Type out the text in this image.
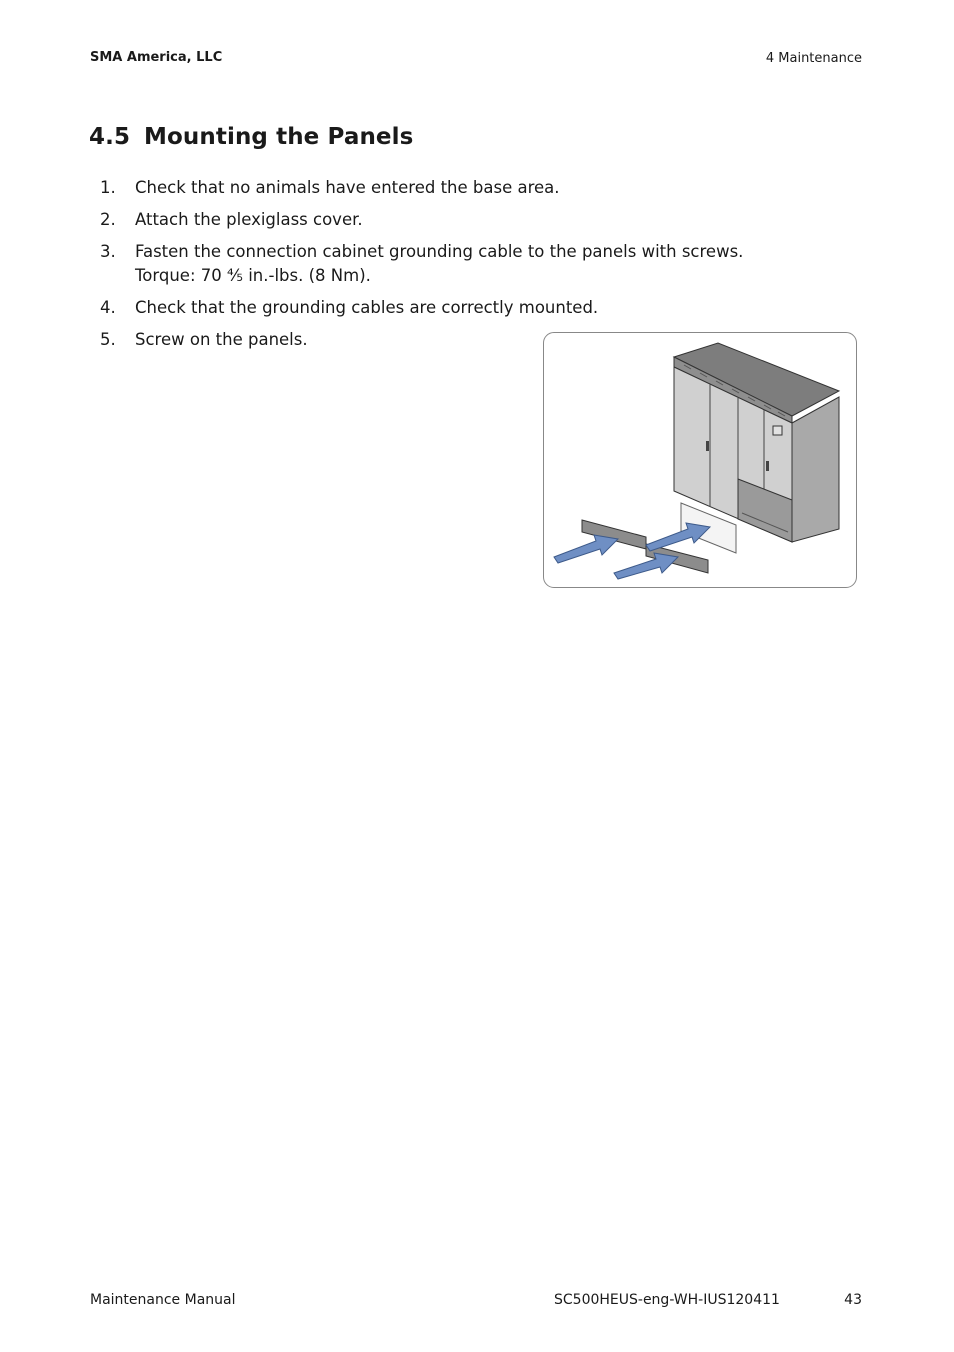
SMA America, LLC	4 Maintenance
4.5 Mounting the Panels
1.	Check that no animals have entered the base area.
2.	Attach the plexiglass cover.
3.	Fasten the connection cabinet grounding cable to the panels with screws.
Torque: 70 ⅘ in.-lbs. (8 Nm).
4.	Check that the grounding cables are correctly mounted.
5.	Screw on the panels.
Maintenance Manual	SC500HEUS-eng-WH-IUS120411	43
